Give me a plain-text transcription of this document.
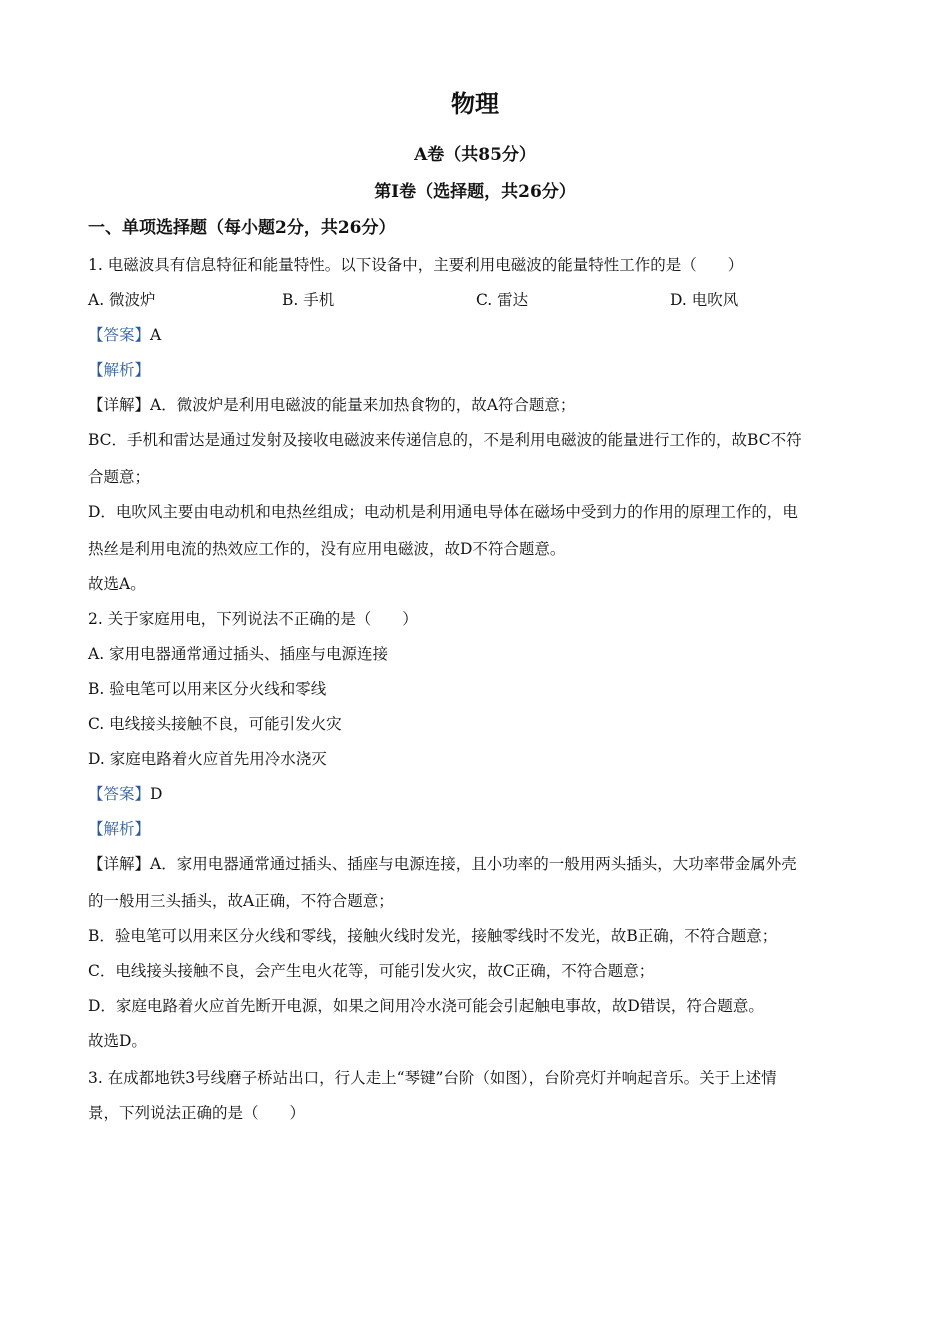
物理
A卷（共85分）
第I卷（选择题，共26分）
一、单项选择题（每小题2分，共26分）
1. 电磁波具有信息特征和能量特性。以下设备中，主要利用电磁波的能量特性工作的是（　　）
A. 微波炉	B. 手机	C. 雷达	D. 电吹风
【答案】A
【解析】
【详解】A．微波炉是利用电磁波的能量来加热食物的，故A符合题意；
BC．手机和雷达是通过发射及接收电磁波来传递信息的，不是利用电磁波的能量进行工作的，故BC不符
合题意；
D．电吹风主要由电动机和电热丝组成；电动机是利用通电导体在磁场中受到力的作用的原理工作的，电
热丝是利用电流的热效应工作的，没有应用电磁波，故D不符合题意。
故选A。
2. 关于家庭用电，下列说法不正确的是（　　）
A. 家用电器通常通过插头、插座与电源连接
B. 验电笔可以用来区分火线和零线
C. 电线接头接触不良，可能引发火灾
D. 家庭电路着火应首先用冷水浇灭
【答案】D
【解析】
【详解】A．家用电器通常通过插头、插座与电源连接，且小功率的一般用两头插头，大功率带金属外壳
的一般用三头插头，故A正确，不符合题意；
B．验电笔可以用来区分火线和零线，接触火线时发光，接触零线时不发光，故B正确，不符合题意；
C．电线接头接触不良，会产生电火花等，可能引发火灾，故C正确，不符合题意；
D．家庭电路着火应首先断开电源，如果之间用冷水浇可能会引起触电事故，故D错误，符合题意。
故选D。
3. 在成都地铁3号线磨子桥站出口，行人走上“琴键”台阶（如图），台阶亮灯并响起音乐。关于上述情
景，下列说法正确的是（　　）
